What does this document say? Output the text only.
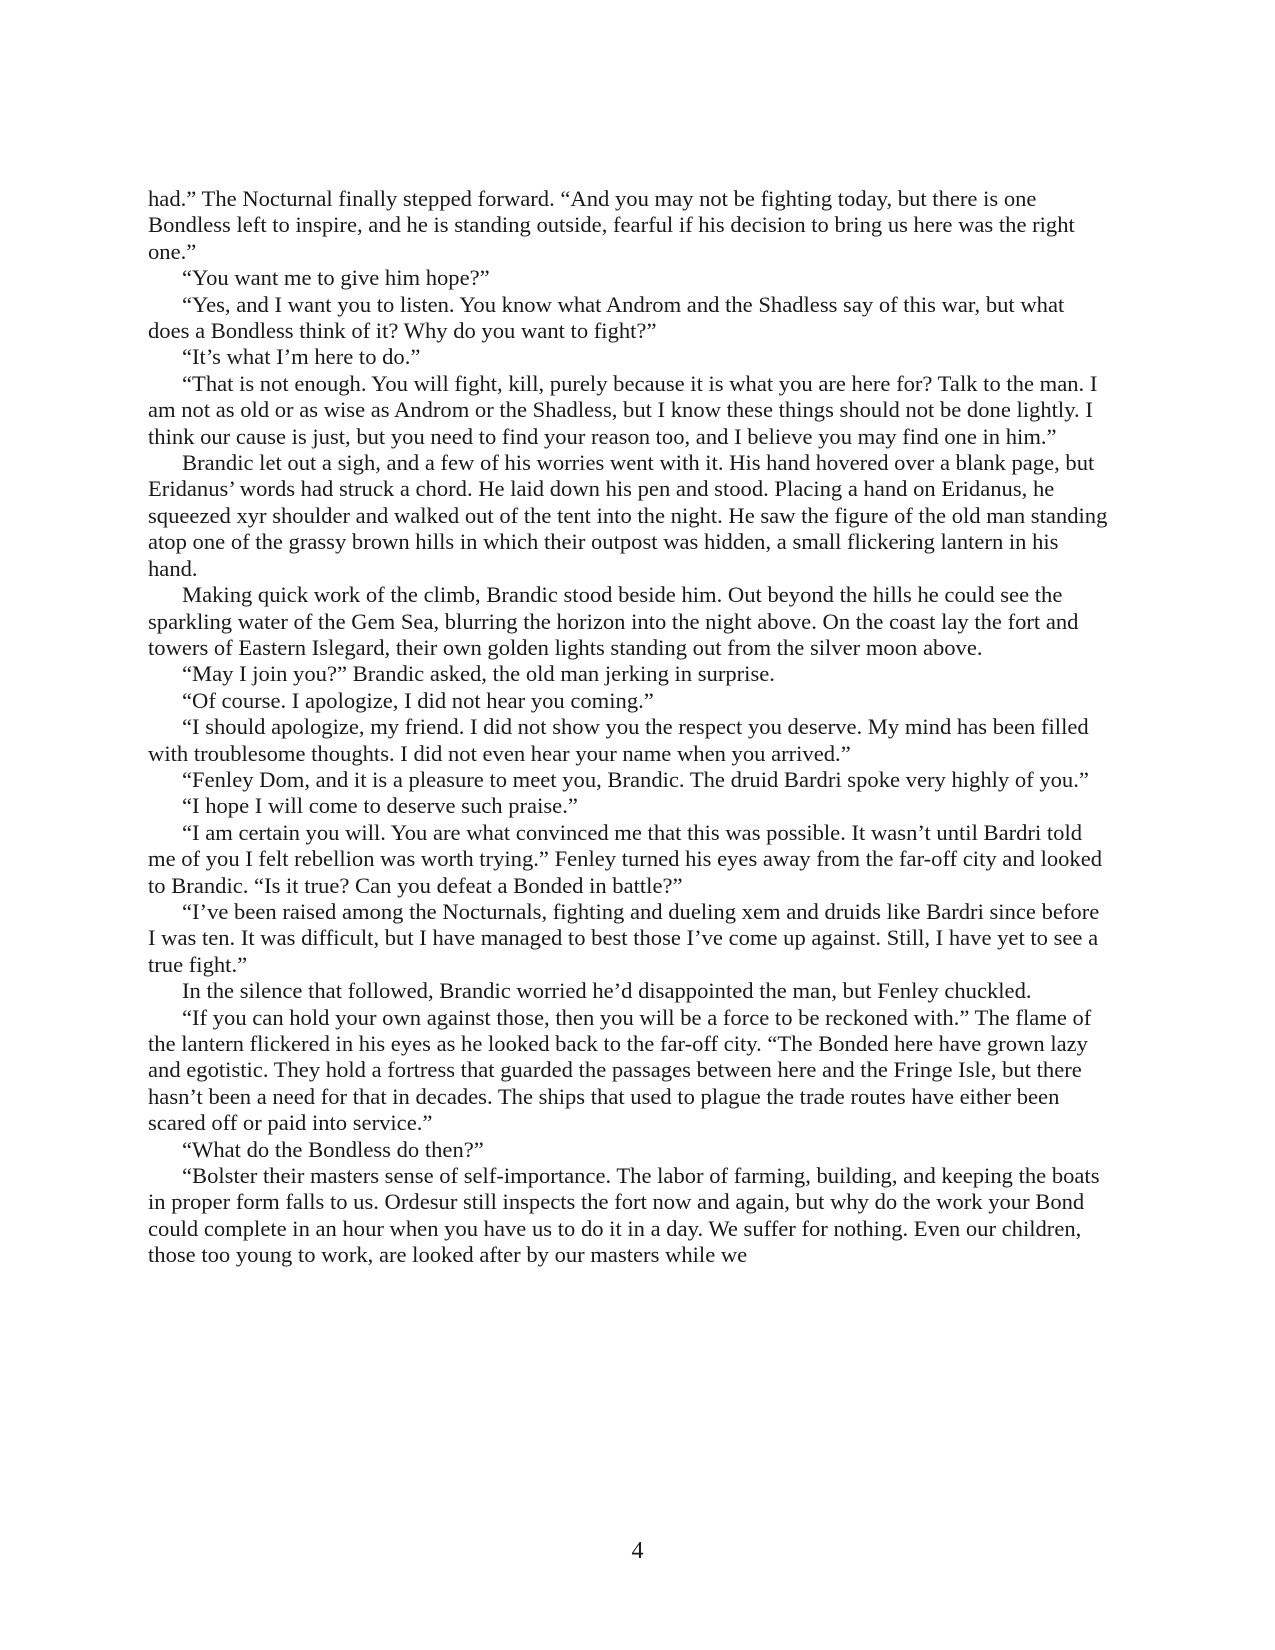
had.” The Nocturnal finally stepped forward. “And you may not be fighting today, but there is one Bondless left to inspire, and he is standing outside, fearful if his decision to bring us here was the right one.”

“You want me to give him hope?”

“Yes, and I want you to listen. You know what Androm and the Shadless say of this war, but what does a Bondless think of it? Why do you want to fight?”

“It’s what I’m here to do.”

“That is not enough. You will fight, kill, purely because it is what you are here for? Talk to the man. I am not as old or as wise as Androm or the Shadless, but I know these things should not be done lightly. I think our cause is just, but you need to find your reason too, and I believe you may find one in him.”

Brandic let out a sigh, and a few of his worries went with it. His hand hovered over a blank page, but Eridanus’ words had struck a chord. He laid down his pen and stood. Placing a hand on Eridanus, he squeezed xyr shoulder and walked out of the tent into the night. He saw the figure of the old man standing atop one of the grassy brown hills in which their outpost was hidden, a small flickering lantern in his hand.

Making quick work of the climb, Brandic stood beside him. Out beyond the hills he could see the sparkling water of the Gem Sea, blurring the horizon into the night above. On the coast lay the fort and towers of Eastern Islegard, their own golden lights standing out from the silver moon above.

“May I join you?” Brandic asked, the old man jerking in surprise.

“Of course. I apologize, I did not hear you coming.”

“I should apologize, my friend. I did not show you the respect you deserve. My mind has been filled with troublesome thoughts. I did not even hear your name when you arrived.”

“Fenley Dom, and it is a pleasure to meet you, Brandic. The druid Bardri spoke very highly of you.”

“I hope I will come to deserve such praise.”

“I am certain you will. You are what convinced me that this was possible. It wasn’t until Bardri told me of you I felt rebellion was worth trying.” Fenley turned his eyes away from the far-off city and looked to Brandic. “Is it true? Can you defeat a Bonded in battle?”

“I’ve been raised among the Nocturnals, fighting and dueling xem and druids like Bardri since before I was ten. It was difficult, but I have managed to best those I’ve come up against. Still, I have yet to see a true fight.”

In the silence that followed, Brandic worried he’d disappointed the man, but Fenley chuckled.

“If you can hold your own against those, then you will be a force to be reckoned with.” The flame of the lantern flickered in his eyes as he looked back to the far-off city. “The Bonded here have grown lazy and egotistic. They hold a fortress that guarded the passages between here and the Fringe Isle, but there hasn’t been a need for that in decades. The ships that used to plague the trade routes have either been scared off or paid into service.”

“What do the Bondless do then?”

“Bolster their masters sense of self-importance. The labor of farming, building, and keeping the boats in proper form falls to us. Ordesur still inspects the fort now and again, but why do the work your Bond could complete in an hour when you have us to do it in a day. We suffer for nothing. Even our children, those too young to work, are looked after by our masters while we

4
